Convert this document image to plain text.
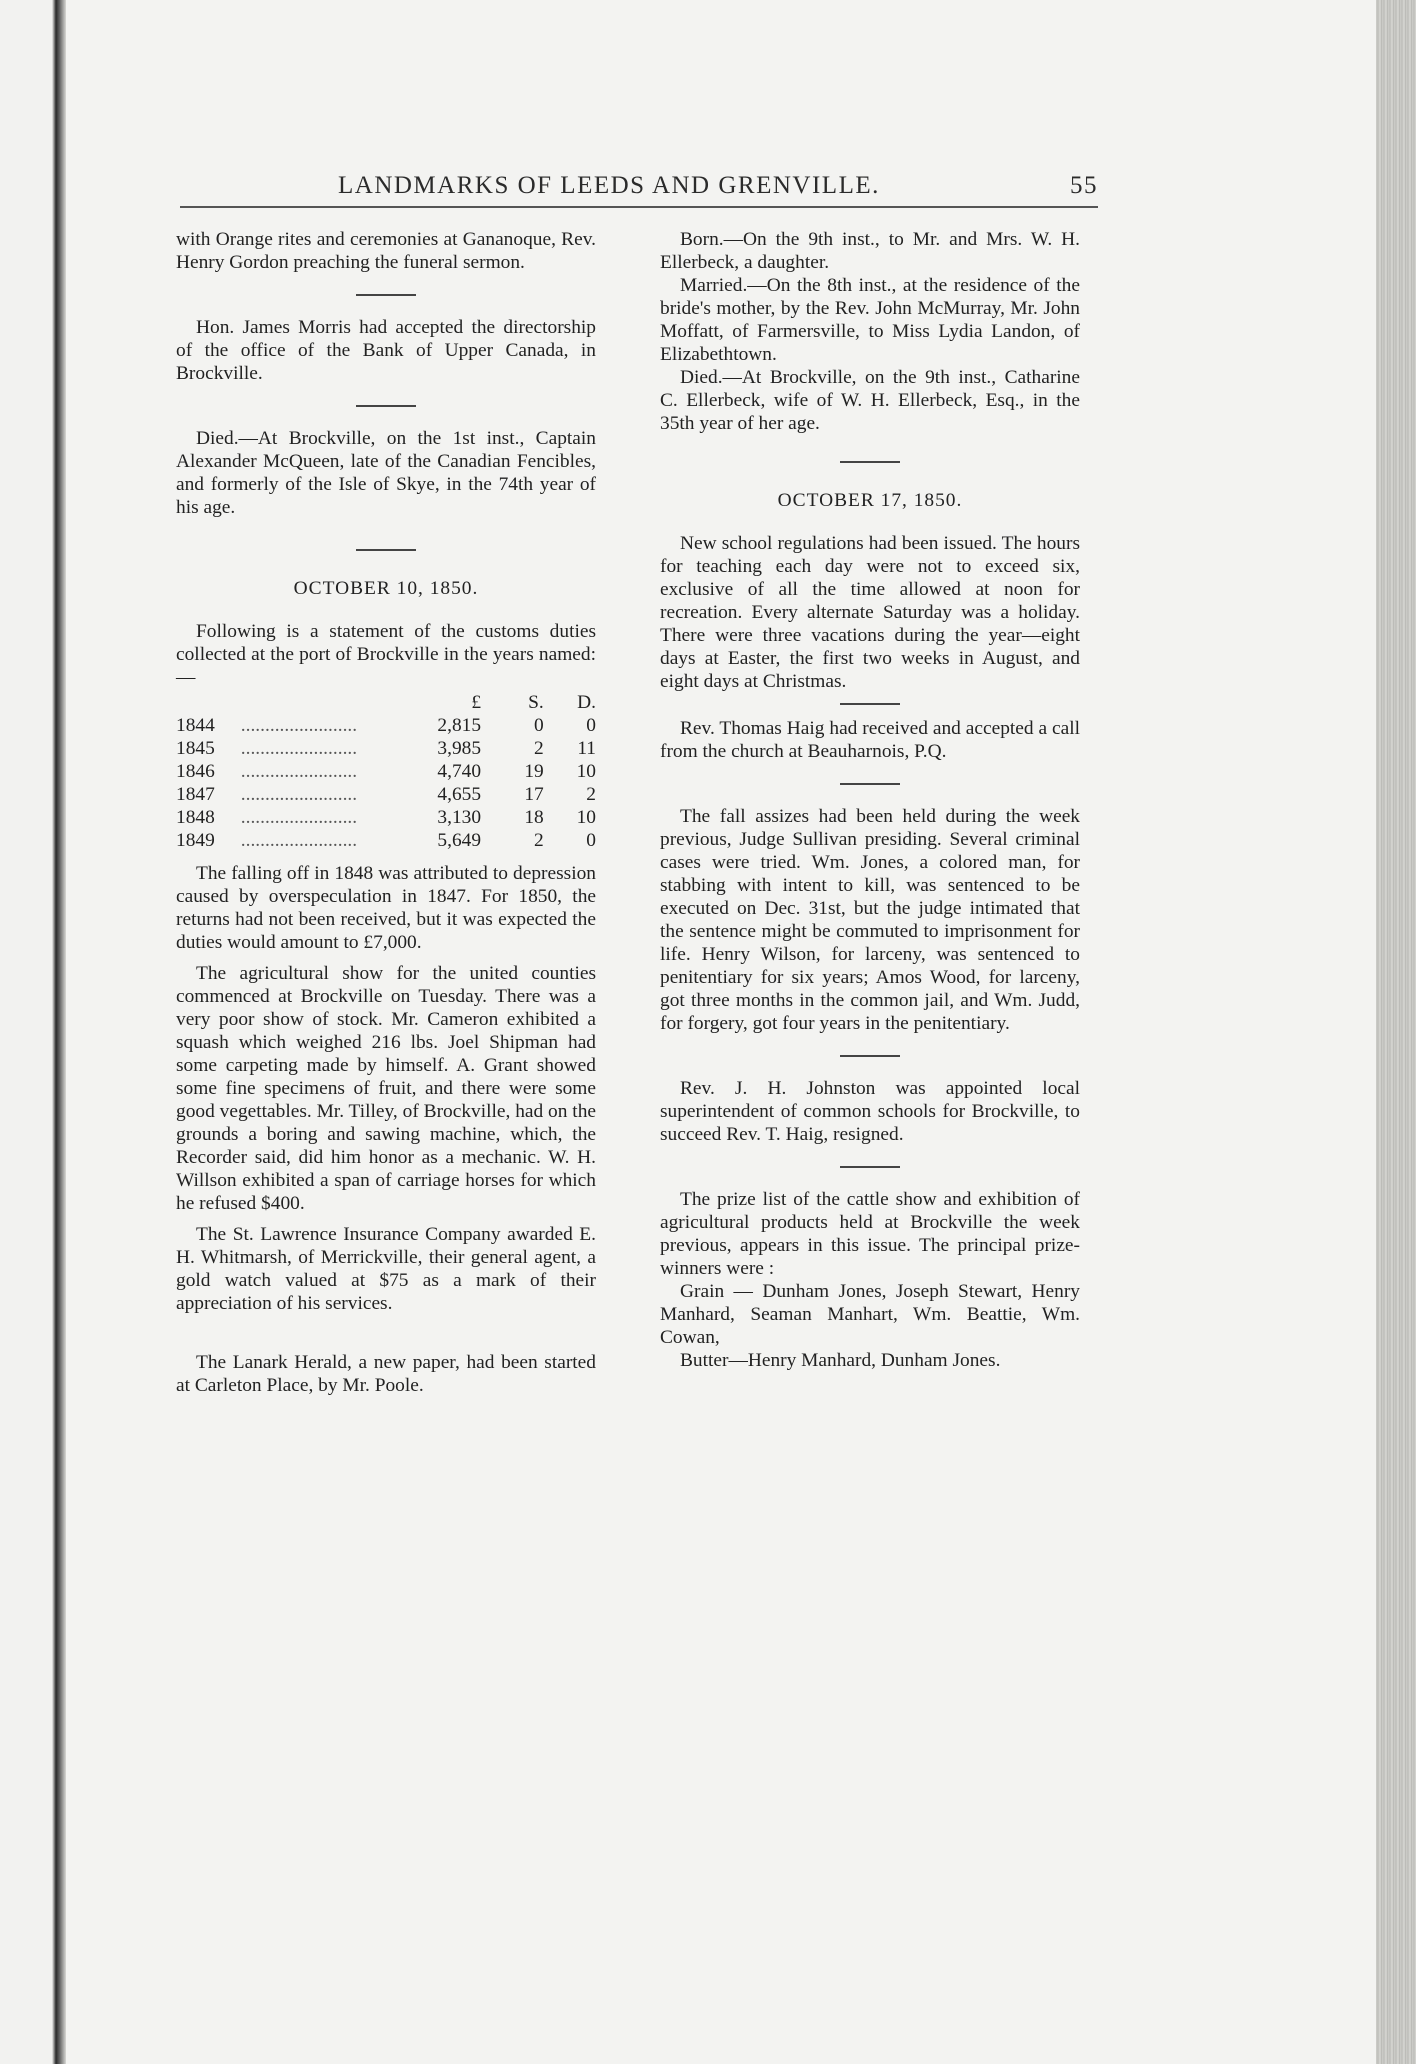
LANDMARKS OF LEEDS AND GRENVILLE.	55

with Orange rites and ceremonies at Gananoque, Rev. Henry Gordon preaching the funeral sermon.

Hon. James Morris had accepted the directorship of the office of the Bank of Upper Canada, in Brockville.

Died.—At Brockville, on the 1st inst., Captain Alexander McQueen, late of the Canadian Fencibles, and formerly of the Isle of Skye, in the 74th year of his age.

OCTOBER 10, 1850.

Following is a statement of the customs duties collected at the port of Brockville in the years named:—

		£	S.	D.
1844	........................	2,815	0	0
1845	........................	3,985	2	11
1846	........................	4,740	19	10
1847	........................	4,655	17	2
1848	........................	3,130	18	10
1849	........................	5,649	2	0

The falling off in 1848 was attributed to depression caused by overspeculation in 1847. For 1850, the returns had not been received, but it was expected the duties would amount to £7,000.

The agricultural show for the united counties commenced at Brockville on Tuesday. There was a very poor show of stock. Mr. Cameron exhibited a squash which weighed 216 lbs. Joel Shipman had some carpeting made by himself. A. Grant showed some fine specimens of fruit, and there were some good vegettables. Mr. Tilley, of Brockville, had on the grounds a boring and sawing machine, which, the Recorder said, did him honor as a mechanic. W. H. Willson exhibited a span of carriage horses for which he refused $400.

The St. Lawrence Insurance Company awarded E. H. Whitmarsh, of Merrickville, their general agent, a gold watch valued at $75 as a mark of their appreciation of his services.

The Lanark Herald, a new paper, had been started at Carleton Place, by Mr. Poole.

Born.—On the 9th inst., to Mr. and Mrs. W. H. Ellerbeck, a daughter.

Married.—On the 8th inst., at the residence of the bride's mother, by the Rev. John McMurray, Mr. John Moffatt, of Farmersville, to Miss Lydia Landon, of Elizabethtown.

Died.—At Brockville, on the 9th inst., Catharine C. Ellerbeck, wife of W. H. Ellerbeck, Esq., in the 35th year of her age.

OCTOBER 17, 1850.

New school regulations had been issued. The hours for teaching each day were not to exceed six, exclusive of all the time allowed at noon for recreation. Every alternate Saturday was a holiday. There were three vacations during the year—eight days at Easter, the first two weeks in August, and eight days at Christmas.

Rev. Thomas Haig had received and accepted a call from the church at Beauharnois, P.Q.

The fall assizes had been held during the week previous, Judge Sullivan presiding. Several criminal cases were tried. Wm. Jones, a colored man, for stabbing with intent to kill, was sentenced to be executed on Dec. 31st, but the judge intimated that the sentence might be commuted to imprisonment for life. Henry Wilson, for larceny, was sentenced to penitentiary for six years; Amos Wood, for larceny, got three months in the common jail, and Wm. Judd, for forgery, got four years in the penitentiary.

Rev. J. H. Johnston was appointed local superintendent of common schools for Brockville, to succeed Rev. T. Haig, resigned.

The prize list of the cattle show and exhibition of agricultural products held at Brockville the week previous, appears in this issue. The principal prize-winners were :

Grain — Dunham Jones, Joseph Stewart, Henry Manhard, Seaman Manhart, Wm. Beattie, Wm. Cowan,

Butter—Henry Manhard, Dunham Jones.
